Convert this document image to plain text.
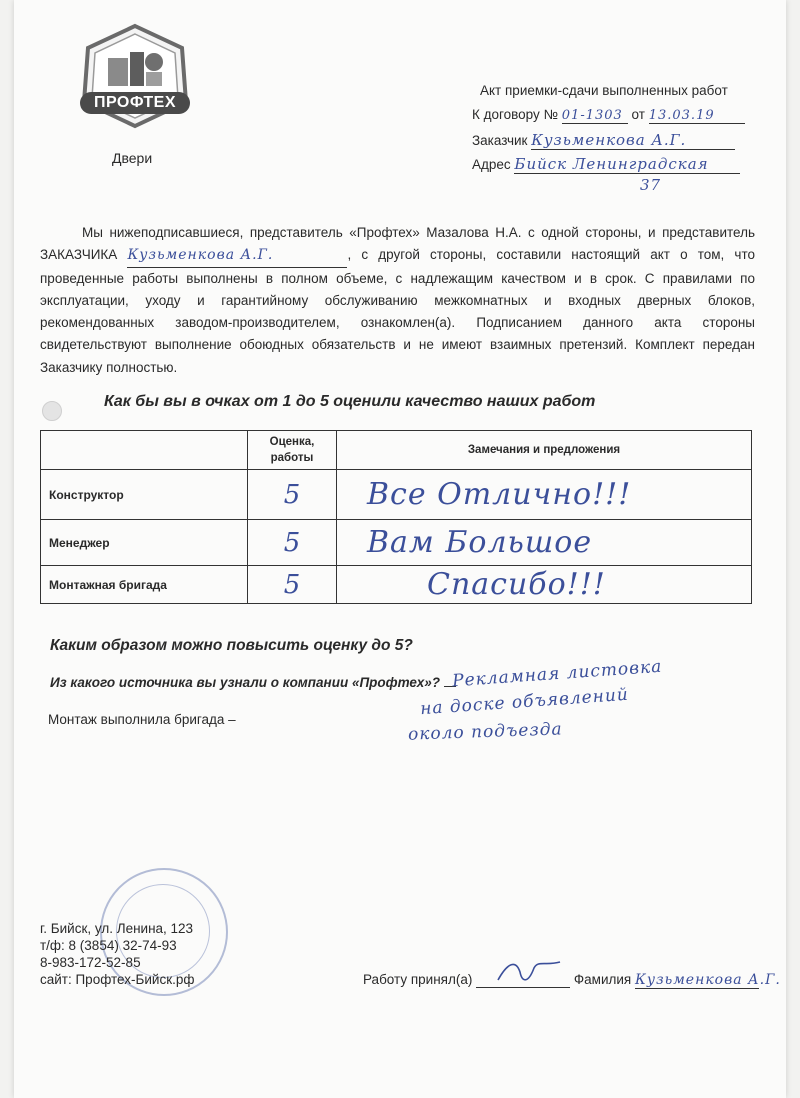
ПРОФТЕХ
Двери
Акт приемки-сдачи выполненных работ
К договору № 01-1303 от 13.03.19
Заказчик Кузьменкова А.Г.
Адрес Бийск Ленинградская
37
Мы нижеподписавшиеся, представитель «Профтех» Мазалова Н.А. с одной стороны, и представитель ЗАКАЗЧИКА Кузьменкова А.Г.	, с другой стороны, составили настоящий акт о том, что проведенные работы выполнены в полном объеме, с надлежащим качеством и в срок. С правилами по эксплуатации, уходу и гарантийному обслуживанию межкомнатных и входных дверных блоков, рекомендованных заводом-производителем, ознакомлен(а). Подписанием данного акта стороны свидетельствуют выполнение обоюдных обязательств и не имеют взаимных претензий. Комплект передан Заказчику полностью.
Как бы вы в очках от 1 до 5 оценили качество наших работ
	Оценка, работы	Замечания и предложения
Конструктор	5	Все Отлично!!!
Менеджер	5	Вам Большое
Монтажная бригада	5	Спасибо!!!
Каким образом можно повысить оценку до 5?
Из какого источника вы узнали о компании «Профтех»? Рекламная листовка
на доске объявлений
около подъезда
Монтаж выполнила бригада –
г. Бийск, ул. Ленина, 123
т/ф: 8 (3854) 32-74-93
8-983-172-52-85
сайт: Профтех-Бийск.рф	Работу принял(а)	Фамилия Кузьменкова А.Г.
